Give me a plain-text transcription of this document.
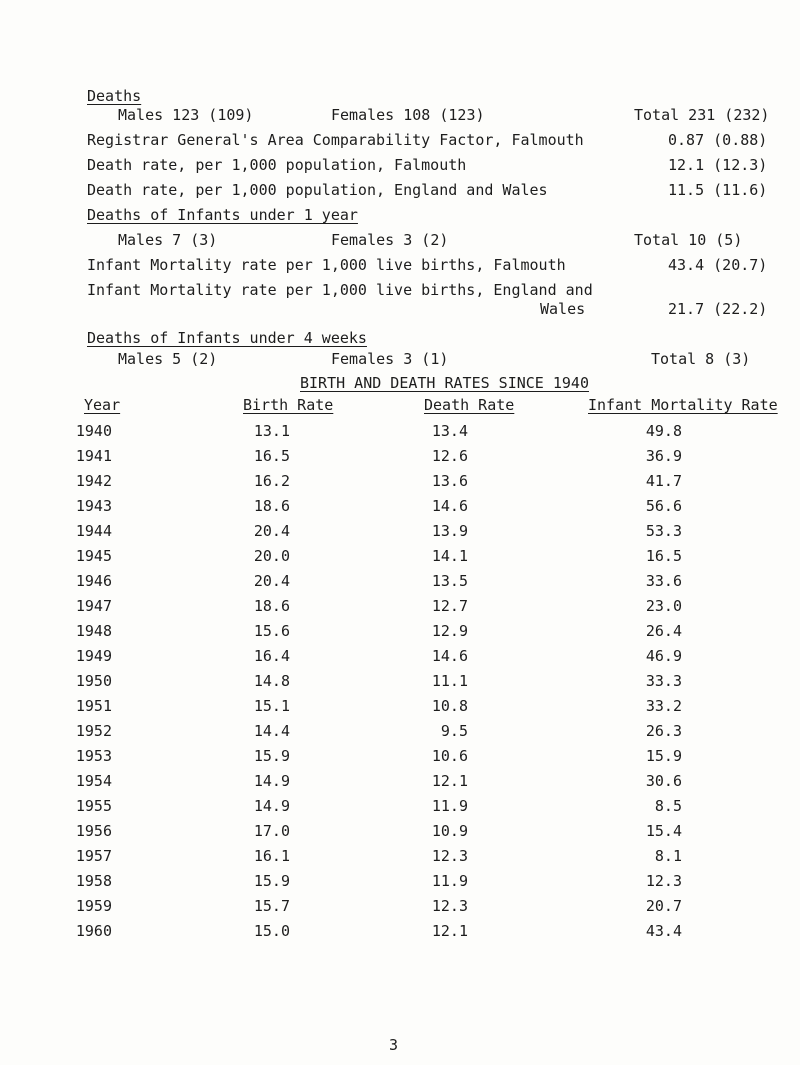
Deaths
Males 123 (109)	Females 108 (123)	Total 231 (232)
Registrar General's Area Comparability Factor, Falmouth	0.87 (0.88)
Death rate, per 1,000 population, Falmouth	12.1 (12.3)
Death rate, per 1,000 population, England and Wales	11.5 (11.6)
Deaths of Infants under 1 year
Males 7 (3)	Females 3 (2)	Total 10 (5)
Infant Mortality rate per 1,000 live births, Falmouth	43.4 (20.7)
Infant Mortality rate per 1,000 live births, England and
Wales	21.7 (22.2)
Deaths of Infants under 4 weeks
Males 5 (2)	Females 3 (1)	Total 8 (3)
BIRTH AND DEATH RATES SINCE 1940
Year	Birth Rate	Death Rate	Infant Mortality Rate
1940	13.1	13.4	49.8
1941	16.5	12.6	36.9
1942	16.2	13.6	41.7
1943	18.6	14.6	56.6
1944	20.4	13.9	53.3
1945	20.0	14.1	16.5
1946	20.4	13.5	33.6
1947	18.6	12.7	23.0
1948	15.6	12.9	26.4
1949	16.4	14.6	46.9
1950	14.8	11.1	33.3
1951	15.1	10.8	33.2
1952	14.4	9.5	26.3
1953	15.9	10.6	15.9
1954	14.9	12.1	30.6
1955	14.9	11.9	8.5
1956	17.0	10.9	15.4
1957	16.1	12.3	8.1
1958	15.9	11.9	12.3
1959	15.7	12.3	20.7
1960	15.0	12.1	43.4
3
